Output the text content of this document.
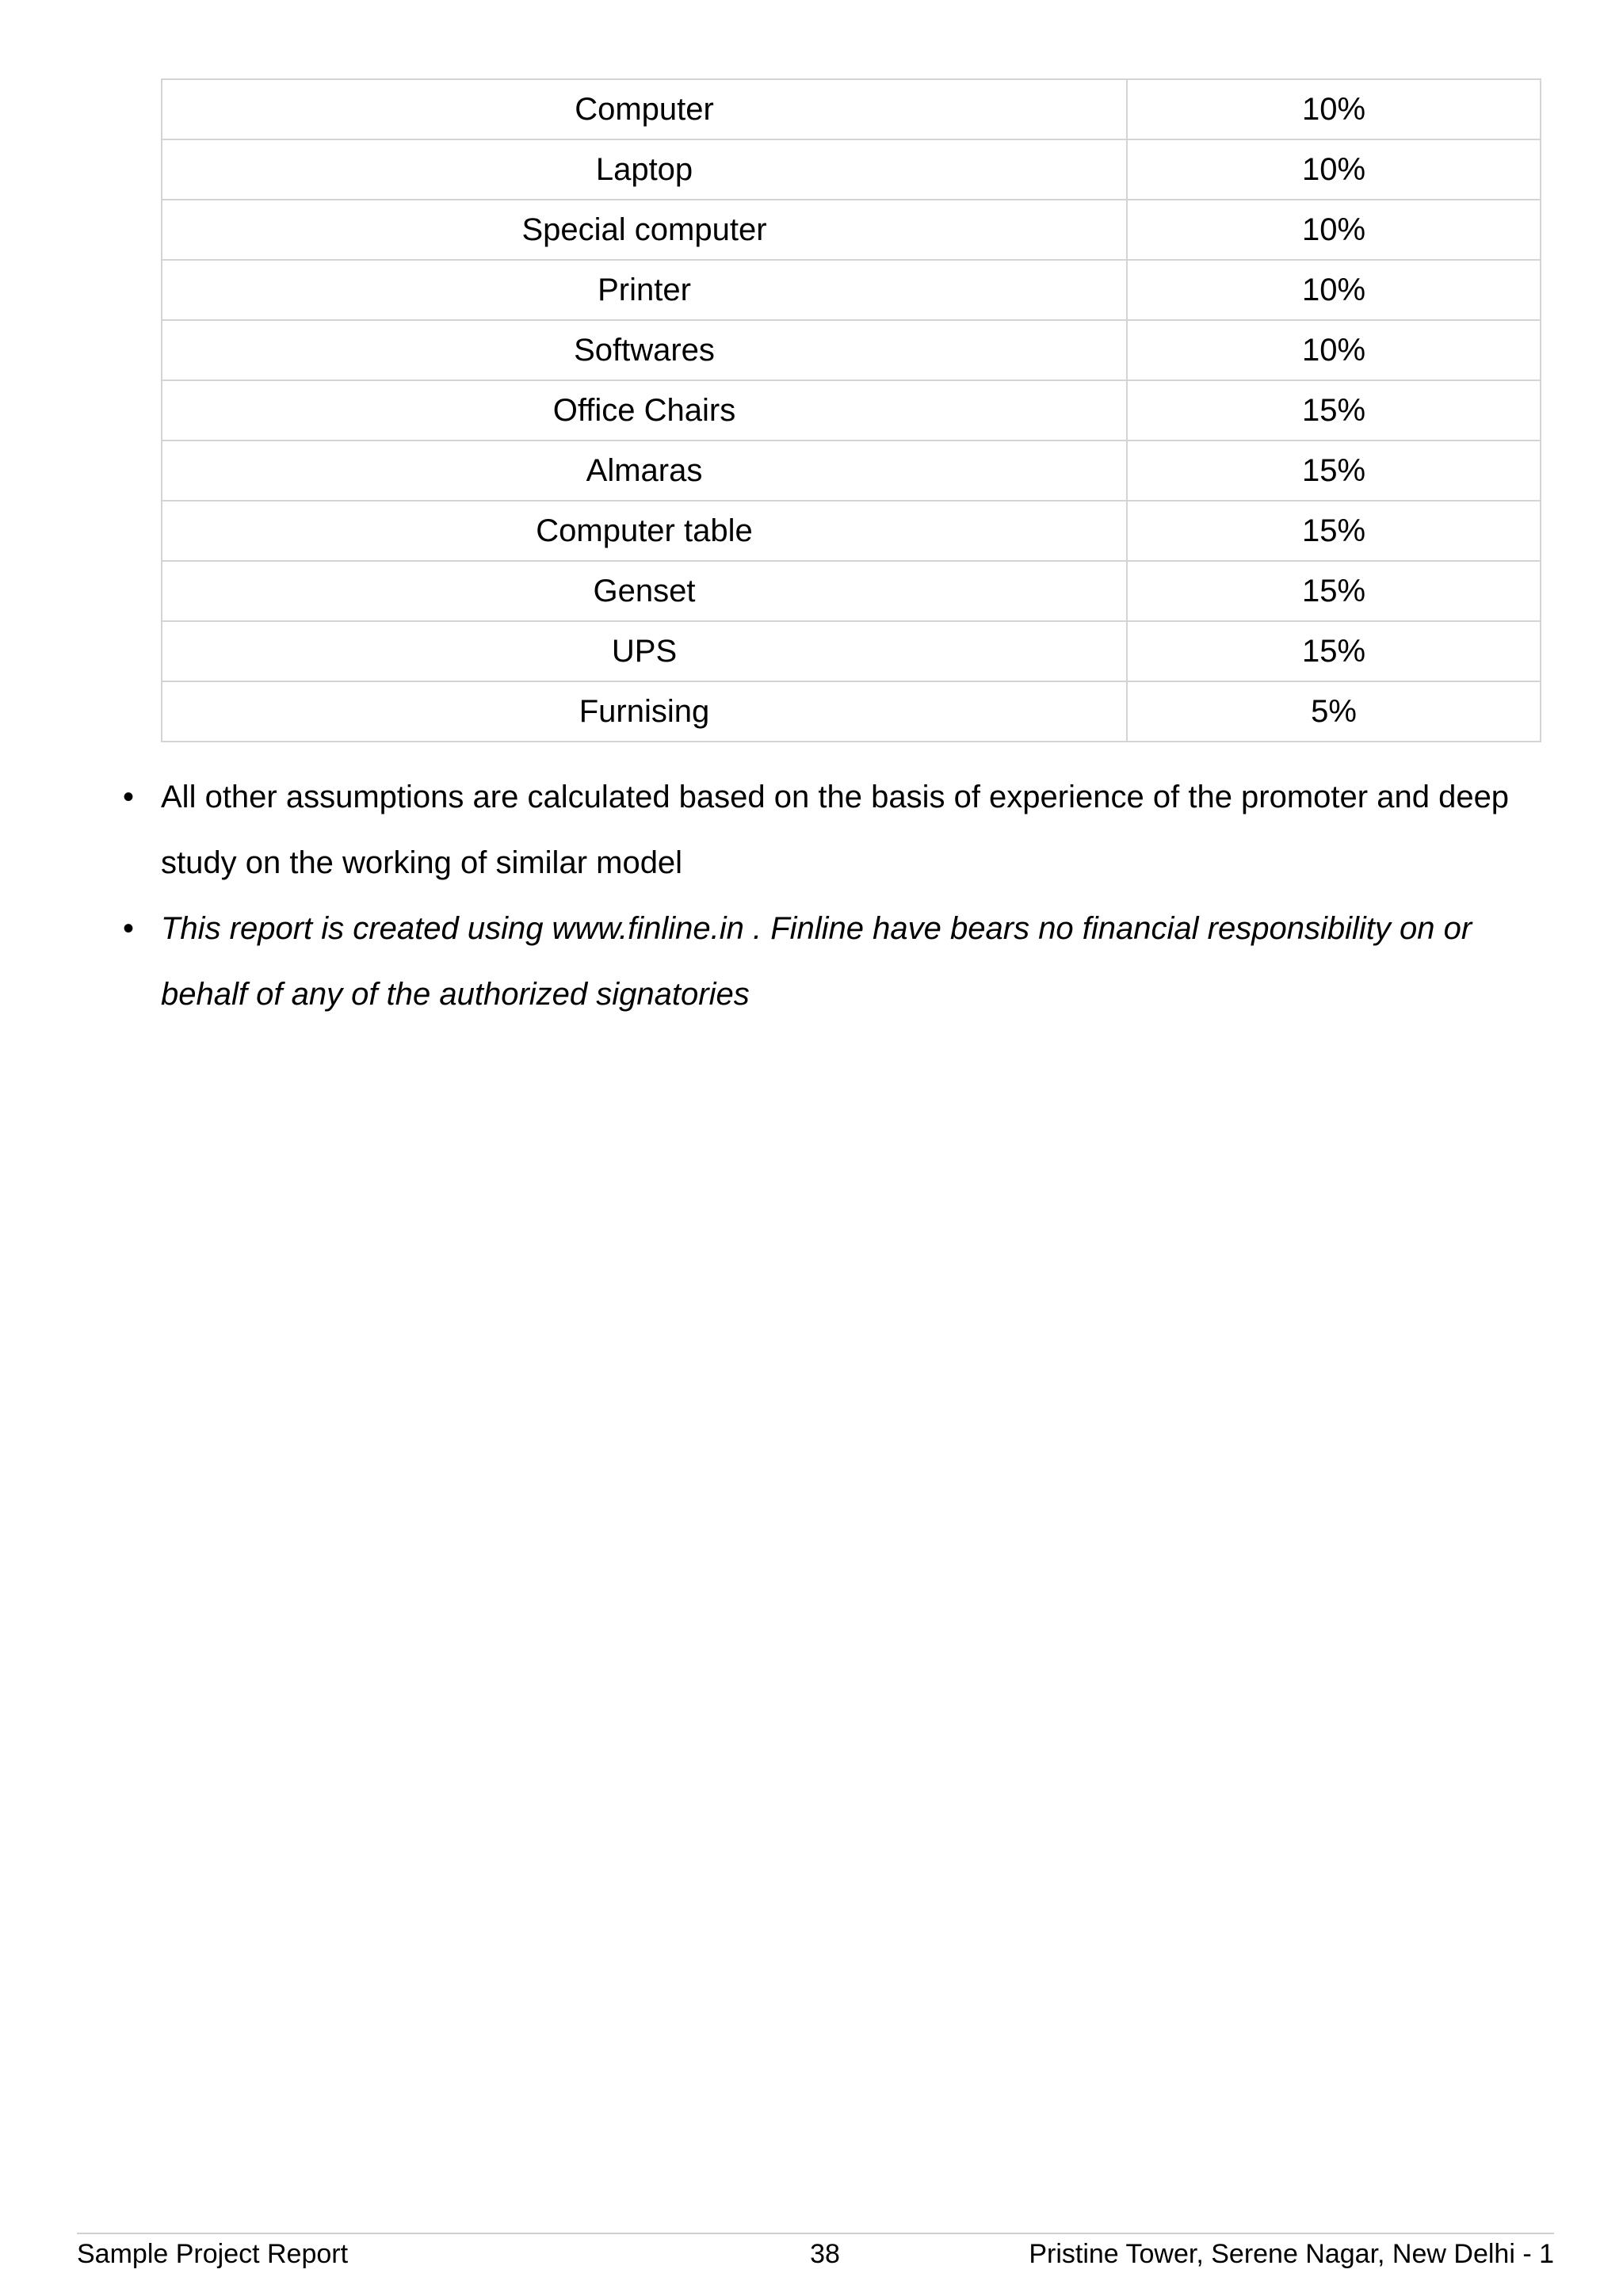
Computer	10%
Laptop	10%
Special computer	10%
Printer	10%
Softwares	10%
Office Chairs	15%
Almaras	15%
Computer table	15%
Genset	15%
UPS	15%
Furnising	5%
• All other assumptions are calculated based on the basis of experience of the promoter and deep study on the working of similar model
• This report is created using www.finline.in . Finline have bears no financial responsibility on or behalf of any of the authorized signatories
Sample Project Report	38	Pristine Tower, Serene Nagar, New Delhi - 1
